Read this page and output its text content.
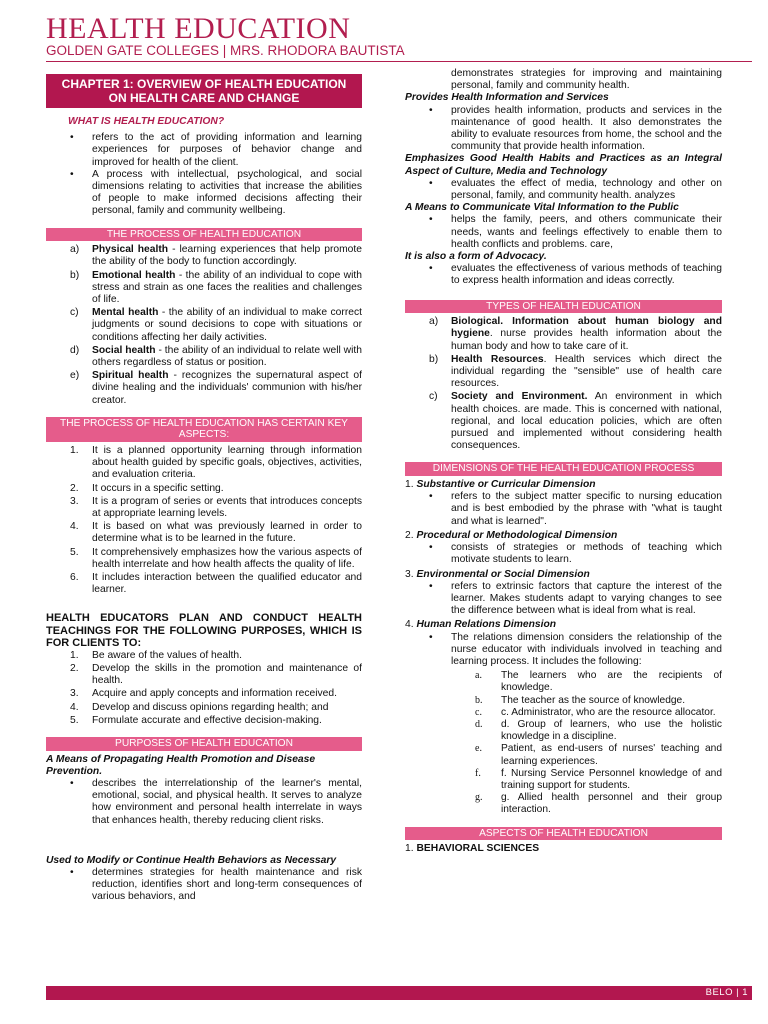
HEALTH EDUCATION
GOLDEN GATE COLLEGES | MRS. RHODORA BAUTISTA
CHAPTER 1: OVERVIEW OF HEALTH EDUCATION ON HEALTH CARE AND CHANGE
WHAT IS HEALTH EDUCATION?
• refers to the act of providing information and learning experiences for purposes of behavior change and improved for health of the client.
• A process with intellectual, psychological, and social dimensions relating to activities that increase the abilities of people to make informed decisions affecting their personal, family and community wellbeing.
THE PROCESS OF HEALTH EDUCATION
a) Physical health - learning experiences that help promote the ability of the body to function accordingly.
b) Emotional health - the ability of an individual to cope with stress and strain as one faces the realities and challenges of life.
c) Mental health - the ability of an individual to make correct judgments or sound decisions to cope with situations or conditions affecting her daily activities.
d) Social health - the ability of an individual to relate well with others regardless of status or position.
e) Spiritual health - recognizes the supernatural aspect of divine healing and the individuals' communion with his/her creator.
THE PROCESS OF HEALTH EDUCATION HAS CERTAIN KEY ASPECTS:
1. It is a planned opportunity learning through information about health guided by specific goals, objectives, activities, and evaluation criteria.
2. It occurs in a specific setting.
3. It is a program of series or events that introduces concepts at appropriate learning levels.
4. It is based on what was previously learned in order to determine what is to be learned in the future.
5. It comprehensively emphasizes how the various aspects of health interrelate and how health affects the quality of life.
6. It includes interaction between the qualified educator and learner.
HEALTH EDUCATORS PLAN AND CONDUCT HEALTH TEACHINGS FOR THE FOLLOWING PURPOSES, WHICH IS FOR CLIENTS TO:
1. Be aware of the values of health.
2. Develop the skills in the promotion and maintenance of health.
3. Acquire and apply concepts and information received.
4. Develop and discuss opinions regarding health; and
5. Formulate accurate and effective decision-making.
PURPOSES OF HEALTH EDUCATION
A Means of Propagating Health Promotion and Disease Prevention.
• describes the interrelationship of the learner's mental, emotional, social, and physical health. It serves to analyze how environment and personal health interrelate in ways that enhances health, thereby reducing client risks.
Used to Modify or Continue Health Behaviors as Necessary
• determines strategies for health maintenance and risk reduction, identifies short and long-term consequences of various behaviors, and
demonstrates strategies for improving and maintaining personal, family and community health.
Provides Health Information and Services
• provides health information, products and services in the maintenance of good health. It also demonstrates the ability to evaluate resources from home, the school and the community that provide health information.
Emphasizes Good Health Habits and Practices as an Integral Aspect of Culture, Media and Technology
• evaluates the effect of media, technology and other on personal, family, and community health. analyzes
A Means to Communicate Vital Information to the Public
• helps the family, peers, and others communicate their needs, wants and feelings effectively to enable them to health conflicts and problems. care,
It is also a form of Advocacy.
• evaluates the effectiveness of various methods of teaching to express health information and ideas correctly.
TYPES OF HEALTH EDUCATION
a) Biological. Information about human biology and hygiene. nurse provides health information about the human body and how to take care of it.
b) Health Resources. Health services which direct the individual regarding the "sensible" use of health care resources.
c) Society and Environment. An environment in which health choices. are made. This is concerned with national, regional, and local education policies, which are often pursued and implemented without considering health consequences.
DIMENSIONS OF THE HEALTH EDUCATION PROCESS
1. Substantive or Curricular Dimension
• refers to the subject matter specific to nursing education and is best embodied by the phrase with "what is taught and what is learned".
2. Procedural or Methodological Dimension
• consists of strategies or methods of teaching which motivate students to learn.
3. Environmental or Social Dimension
• refers to extrinsic factors that capture the interest of the learner. Makes students adapt to varying changes to see the difference between what is ideal from what is real.
4. Human Relations Dimension
• The relations dimension considers the relationship of the nurse educator with individuals involved in teaching and learning process. It includes the following:
a. The learners who are the recipients of knowledge.
b. The teacher as the source of knowledge.
c. c. Administrator, who are the resource allocator.
d. d. Group of learners, who use the holistic knowledge in a discipline.
e. Patient, as end-users of nurses' teaching and learning experiences.
f. f. Nursing Service Personnel knowledge of and training support for students.
g. g. Allied health personnel and their group interaction.
ASPECTS OF HEALTH EDUCATION
1. BEHAVIORAL SCIENCES
BELO | 1
